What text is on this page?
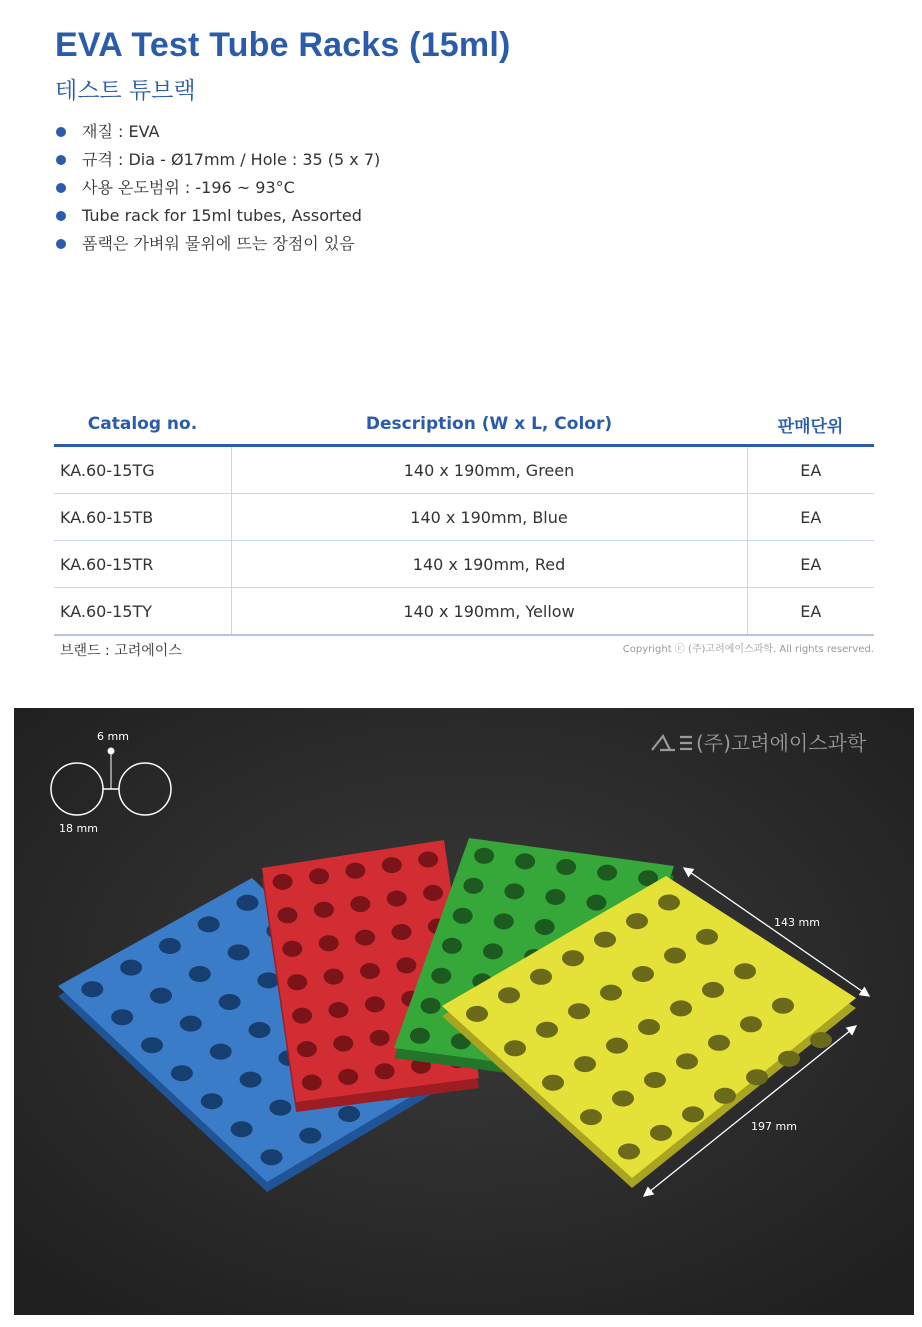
EVA Test Tube Racks (15ml)
테스트 튜브랙
재질 : EVA
규격 : Dia - Ø17mm / Hole : 35 (5 x 7)
사용 온도범위 : -196 ~ 93°C
Tube rack for 15ml tubes, Assorted
폼랙은 가벼워 물위에 뜨는 장점이 있음
Catalog no.	Description (W x L, Color)	판매단위
KA.60-15TG	140 x 190mm, Green	EA
KA.60-15TB	140 x 190mm, Blue	EA
KA.60-15TR	140 x 190mm, Red	EA
KA.60-15TY	140 x 190mm, Yellow	EA
브랜드 : 고려에이스	Copyright ⓒ (주)고려에이스과학. All rights reserved.
6 mm
18 mm
(주)고려에이스과학
143 mm
197 mm
